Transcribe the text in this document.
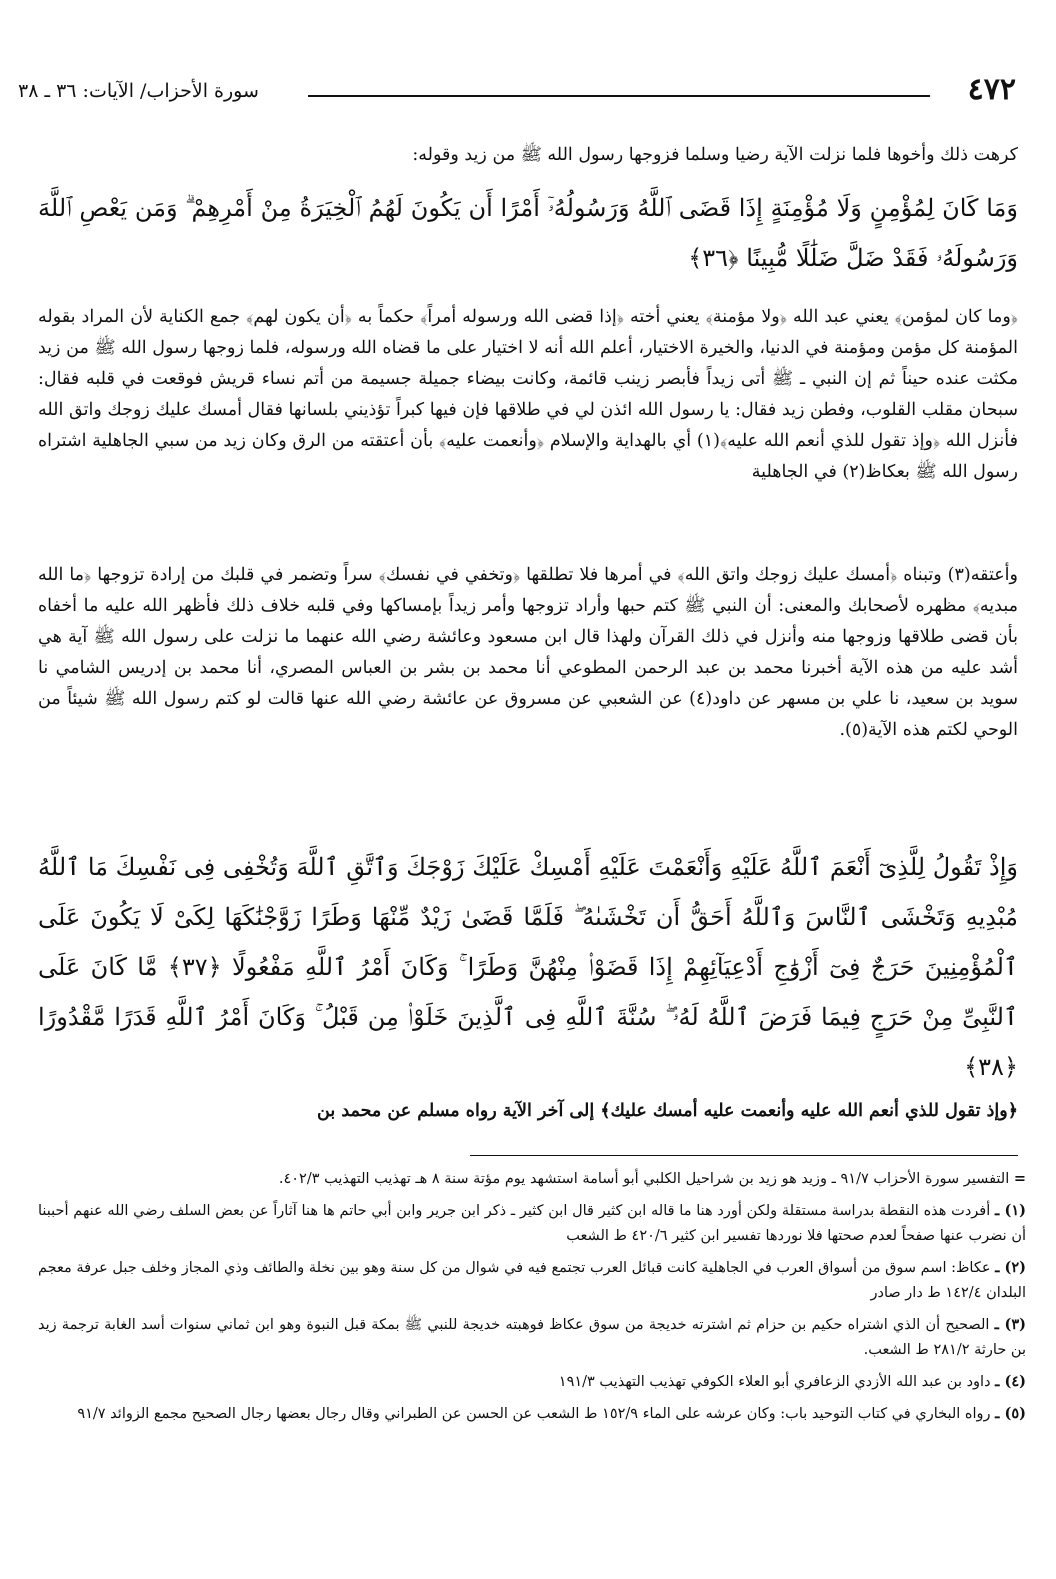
٤٧٢
سورة الأحزاب/ الآيات: ٣٦ ـ ٣٨
كرهت ذلك وأخوها فلما نزلت الآية رضيا وسلما فزوجها رسول الله ﷺ من زيد وقوله:
وَمَا كَانَ لِمُؤْمِنٍ وَلَا مُؤْمِنَةٍ إِذَا قَضَى ٱللَّهُ وَرَسُولُهُۥٓ أَمْرًا أَن يَكُونَ لَهُمُ ٱلْخِيَرَةُ مِنْ أَمْرِهِمْ ۗ وَمَن يَعْصِ ٱللَّهَ وَرَسُولَهُۥ فَقَدْ ضَلَّ ضَلَٰلًا مُّبِينًا ﴿٣٦﴾
﴿وما كان لمؤمن﴾ يعني عبد الله ﴿ولا مؤمنة﴾ يعني أخته ﴿إذا قضى الله ورسوله أمراً﴾ حكماً به ﴿أن يكون لهم﴾ جمع الكناية لأن المراد بقوله المؤمنة كل مؤمن ومؤمنة في الدنيا، والخيرة الاختيار، أعلم الله أنه لا اختيار على ما قضاه الله ورسوله، فلما زوجها رسول الله ﷺ من زيد مكثت عنده حيناً ثم إن النبي ـ ﷺ أتى زيداً فأبصر زينب قائمة، وكانت بيضاء جميلة جسيمة من أتم نساء قريش فوقعت في قلبه فقال: سبحان مقلب القلوب، وفطن زيد فقال: يا رسول الله ائذن لي في طلاقها فإن فيها كبراً تؤذيني بلسانها فقال أمسك عليك زوجك واتق الله فأنزل الله ﴿وإذ تقول للذي أنعم الله عليه﴾(١) أي بالهداية والإسلام ﴿وأنعمت عليه﴾ بأن أعتقته من الرق وكان زيد من سبي الجاهلية اشتراه رسول الله ﷺ بعكاظ(٢) في الجاهلية
وأعتقه(٣) وتبناه ﴿أمسك عليك زوجك واتق الله﴾ في أمرها فلا تطلقها ﴿وتخفي في نفسك﴾ سراً وتضمر في قلبك من إرادة تزوجها ﴿ما الله مبديه﴾ مظهره لأصحابك والمعنى: أن النبي ﷺ كتم حبها وأراد تزوجها وأمر زيداً بإمساكها وفي قلبه خلاف ذلك فأظهر الله عليه ما أخفاه بأن قضى طلاقها وزوجها منه وأنزل في ذلك القرآن ولهذا قال ابن مسعود وعائشة رضي الله عنهما ما نزلت على رسول الله ﷺ آية هي أشد عليه من هذه الآية أخبرنا محمد بن عبد الرحمن المطوعي أنا محمد بن بشر بن العباس المصري، أنا محمد بن إدريس الشامي نا سويد بن سعيد، نا علي بن مسهر عن داود(٤) عن الشعبي عن مسروق عن عائشة رضي الله عنها قالت لو كتم رسول الله ﷺ شيئاً من الوحي لكتم هذه الآية(٥).
وَإِذْ تَقُولُ لِلَّذِىٓ أَنْعَمَ ٱللَّهُ عَلَيْهِ وَأَنْعَمْتَ عَلَيْهِ أَمْسِكْ عَلَيْكَ زَوْجَكَ وَٱتَّقِ ٱللَّهَ وَتُخْفِى فِى نَفْسِكَ مَا ٱللَّهُ مُبْدِيهِ وَتَخْشَى ٱلنَّاسَ وَٱللَّهُ أَحَقُّ أَن تَخْشَىٰهُ ۖ فَلَمَّا قَضَىٰ زَيْدٌ مِّنْهَا وَطَرًا زَوَّجْنَٰكَهَا لِكَىْ لَا يَكُونَ عَلَى ٱلْمُؤْمِنِينَ حَرَجٌ فِىٓ أَزْوَٰجِ أَدْعِيَآئِهِمْ إِذَا قَضَوْا۟ مِنْهُنَّ وَطَرًا ۚ وَكَانَ أَمْرُ ٱللَّهِ مَفْعُولًا ﴿٣٧﴾ مَّا كَانَ عَلَى ٱلنَّبِىِّ مِنْ حَرَجٍ فِيمَا فَرَضَ ٱللَّهُ لَهُۥ ۖ سُنَّةَ ٱللَّهِ فِى ٱلَّذِينَ خَلَوْا۟ مِن قَبْلُ ۚ وَكَانَ أَمْرُ ٱللَّهِ قَدَرًا مَّقْدُورًا ﴿٣٨﴾
﴿وإذ تقول للذي أنعم الله عليه وأنعمت عليه أمسك عليك﴾ إلى آخر الآية رواه مسلم عن محمد بن
= التفسير سورة الأحزاب ٩١/٧ ـ وزيد هو زيد بن شراحيل الكلبي أبو أسامة استشهد يوم مؤتة سنة ٨ هـ تهذيب التهذيب ٤٠٢/٣.
(١) ـ أفردت هذه النقطة بدراسة مستقلة ولكن أورد هنا ما قاله ابن كثير قال ابن كثير ـ ذكر ابن جرير وابن أبي حاتم ها هنا آثاراً عن بعض السلف رضي الله عنهم أحببنا أن نضرب عنها صفحاً لعدم صحتها فلا نوردها تفسير ابن كثير ٤٢٠/٦ ط الشعب
(٢) ـ عكاظ: اسم سوق من أسواق العرب في الجاهلية كانت قبائل العرب تجتمع فيه في شوال من كل سنة وهو بين نخلة والطائف وذي المجاز وخلف جبل عرفة معجم البلدان ١٤٢/٤ ط دار صادر
(٣) ـ الصحيح أن الذي اشتراه حكيم بن حزام ثم اشترته خديجة من سوق عكاظ فوهبته خديجة للنبي ﷺ بمكة قبل النبوة وهو ابن ثماني سنوات أسد الغابة ترجمة زيد بن حارثة ٢٨١/٢ ط الشعب.
(٤) ـ داود بن عبد الله الأزدي الزعافري أبو العلاء الكوفي تهذيب التهذيب ١٩١/٣
(٥) ـ رواه البخاري في كتاب التوحيد باب: وكان عرشه على الماء ١٥٢/٩ ط الشعب عن الحسن عن الطبراني وقال رجال بعضها رجال الصحيح مجمع الزوائد ٩١/٧
